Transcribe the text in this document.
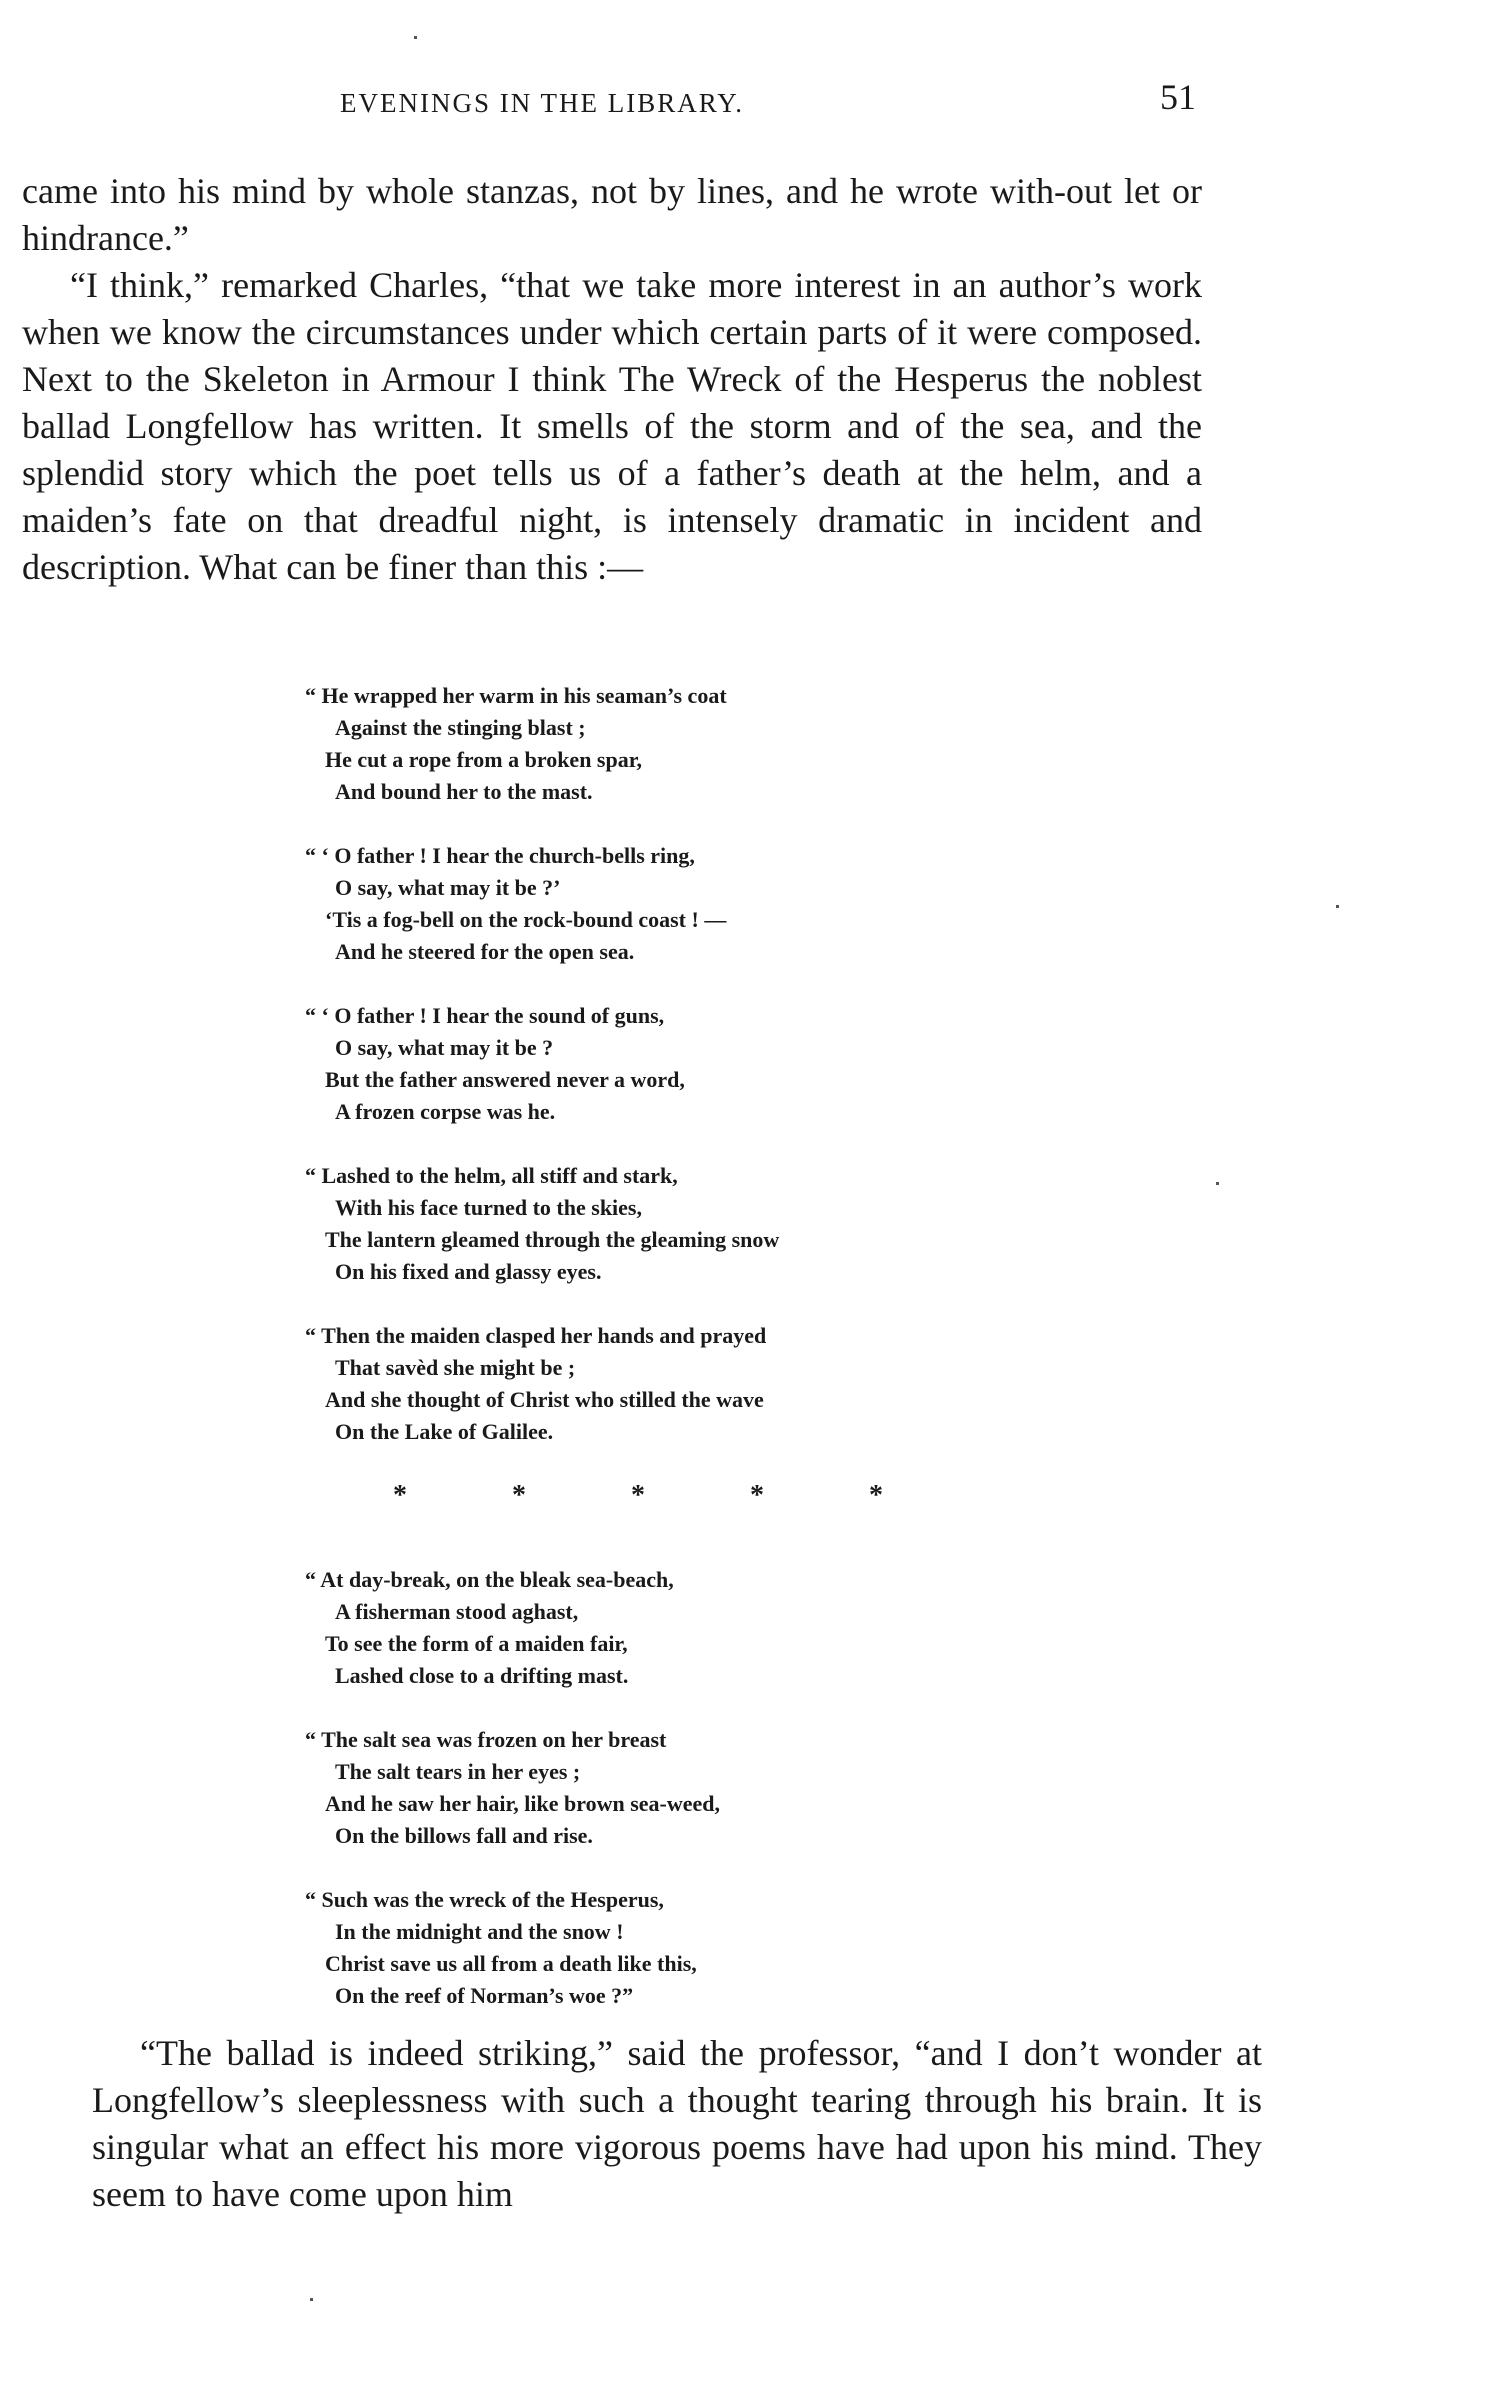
EVENINGS IN THE LIBRARY.	51

came into his mind by whole stanzas, not by lines, and he wrote with-out let or hindrance.”

“I think,” remarked Charles, “that we take more interest in an author’s work when we know the circumstances under which certain parts of it were composed. Next to the Skeleton in Armour I think The Wreck of the Hesperus the noblest ballad Longfellow has written. It smells of the storm and of the sea, and the splendid story which the poet tells us of a father’s death at the helm, and a maiden’s fate on that dreadful night, is intensely dramatic in incident and description. What can be finer than this :—

“ He wrapped her warm in his seaman’s coat
Against the stinging blast ;
He cut a rope from a broken spar,
And bound her to the mast.
“ ‘ O father ! I hear the church-bells ring,
O say, what may it be ?’
‘Tis a fog-bell on the rock-bound coast ! —
And he steered for the open sea.
“ ‘ O father ! I hear the sound of guns,
O say, what may it be ?
But the father answered never a word,
A frozen corpse was he.
“ Lashed to the helm, all stiff and stark,
With his face turned to the skies,
The lantern gleamed through the gleaming snow
On his fixed and glassy eyes.
“ Then the maiden clasped her hands and prayed
That savèd she might be ;
And she thought of Christ who stilled the wave
On the Lake of Galilee.
*	*	*	*	*
“ At day-break, on the bleak sea-beach,
A fisherman stood aghast,
To see the form of a maiden fair,
Lashed close to a drifting mast.
“ The salt sea was frozen on her breast
The salt tears in her eyes ;
And he saw her hair, like brown sea-weed,
On the billows fall and rise.
“ Such was the wreck of the Hesperus,
In the midnight and the snow !
Christ save us all from a death like this,
On the reef of Norman’s woe ?”

“The ballad is indeed striking,” said the professor, “and I don’t wonder at Longfellow’s sleeplessness with such a thought tearing through his brain. It is singular what an effect his more vigorous poems have had upon his mind. They seem to have come upon him
